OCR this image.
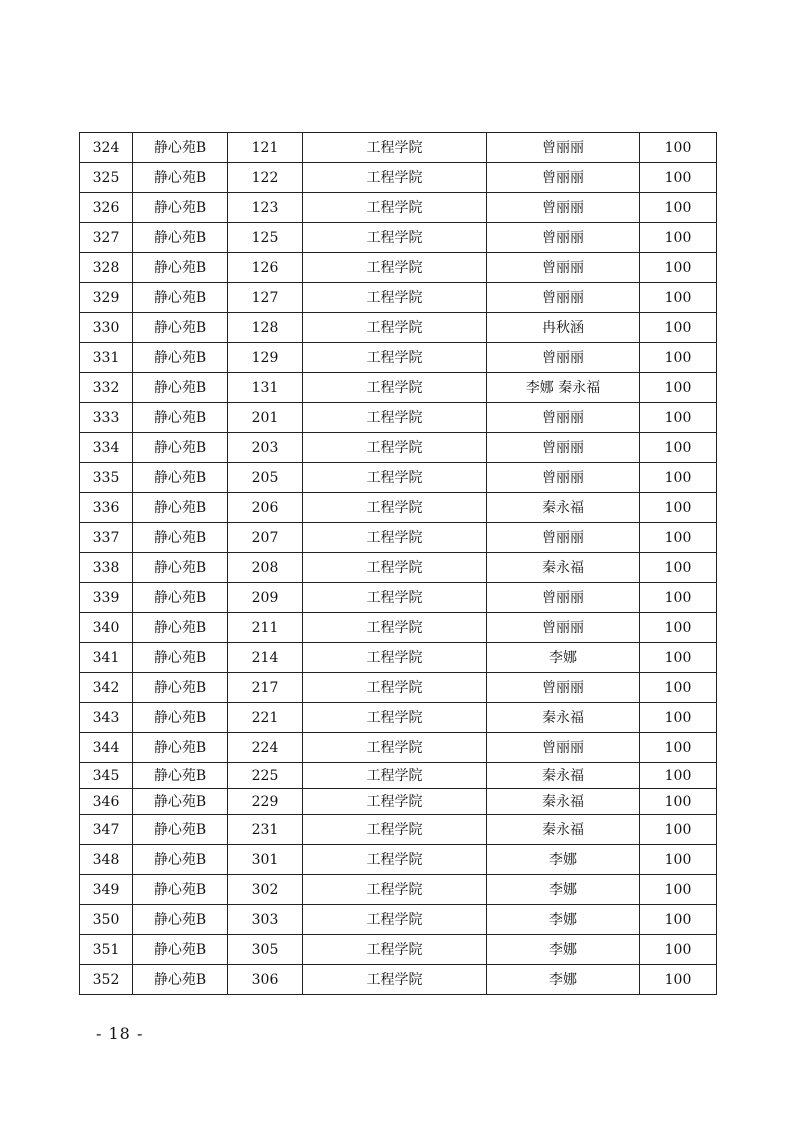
324	静心苑B	121	工程学院	曾丽丽	100
325	静心苑B	122	工程学院	曾丽丽	100
326	静心苑B	123	工程学院	曾丽丽	100
327	静心苑B	125	工程学院	曾丽丽	100
328	静心苑B	126	工程学院	曾丽丽	100
329	静心苑B	127	工程学院	曾丽丽	100
330	静心苑B	128	工程学院	冉秋涵	100
331	静心苑B	129	工程学院	曾丽丽	100
332	静心苑B	131	工程学院	李娜 秦永福	100
333	静心苑B	201	工程学院	曾丽丽	100
334	静心苑B	203	工程学院	曾丽丽	100
335	静心苑B	205	工程学院	曾丽丽	100
336	静心苑B	206	工程学院	秦永福	100
337	静心苑B	207	工程学院	曾丽丽	100
338	静心苑B	208	工程学院	秦永福	100
339	静心苑B	209	工程学院	曾丽丽	100
340	静心苑B	211	工程学院	曾丽丽	100
341	静心苑B	214	工程学院	李娜	100
342	静心苑B	217	工程学院	曾丽丽	100
343	静心苑B	221	工程学院	秦永福	100
344	静心苑B	224	工程学院	曾丽丽	100
345	静心苑B	225	工程学院	秦永福	100
346	静心苑B	229	工程学院	秦永福	100
347	静心苑B	231	工程学院	秦永福	100
348	静心苑B	301	工程学院	李娜	100
349	静心苑B	302	工程学院	李娜	100
350	静心苑B	303	工程学院	李娜	100
351	静心苑B	305	工程学院	李娜	100
352	静心苑B	306	工程学院	李娜	100
- 18 -
